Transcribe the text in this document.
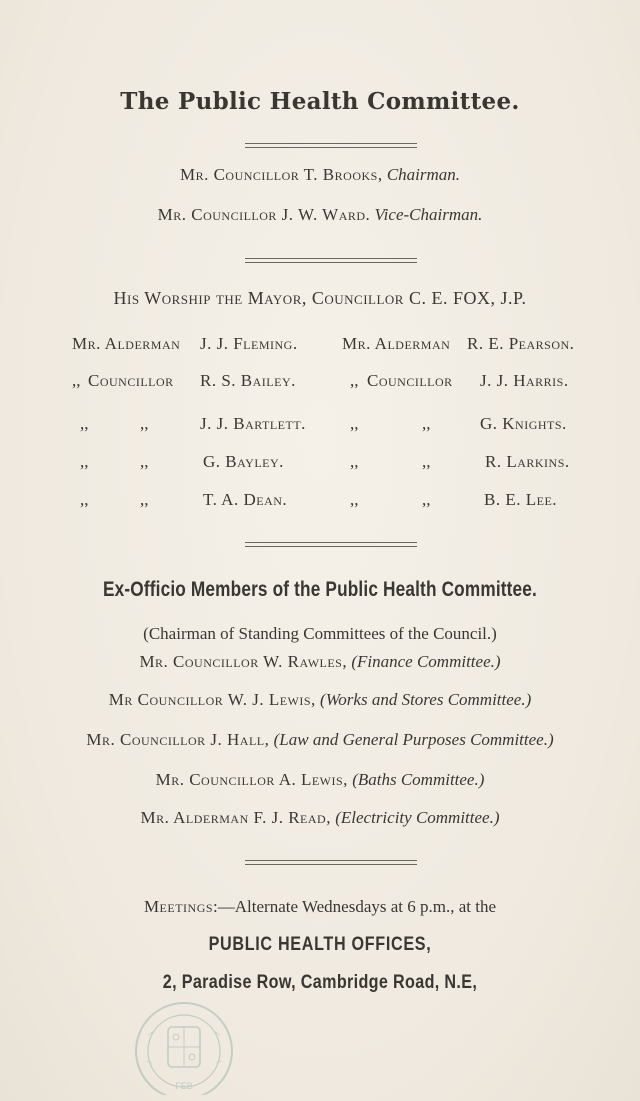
The Public Health Committee.
Mr. Councillor T. Brooks, Chairman.
Mr. Councillor J. W. Ward. Vice-Chairman.
His Worship the Mayor, Councillor C. E. FOX, J.P.
Mr. Alderman J. J. Fleming.	Mr. Alderman R. E. Pearson.
,, Councillor R. S. Bailey.	,, Councillor J. J. Harris.
,,	,,	J. J. Bartlett.	,,	,,	G. Knights.
,,	,,	G. Bayley.	,,	,,	R. Larkins.
,,	,,	T. A. Dean.	,,	,,	B. E. Lee.
Ex-Officio Members of the Public Health Committee.
(Chairman of Standing Committees of the Council.)
Mr. Councillor W. Rawles, (Finance Committee.)
Mr Councillor W. J. Lewis, (Works and Stores Committee.)
Mr. Councillor J. Hall, (Law and General Purposes Committee.)
Mr. Councillor A. Lewis, (Baths Committee.)
Mr. Alderman F. J. Read, (Electricity Committee.)
Meetings:—Alternate Wednesdays at 6 p.m., at the
PUBLIC HEALTH OFFICES,
2, Paradise Row, Cambridge Road, N.E,
FEB
